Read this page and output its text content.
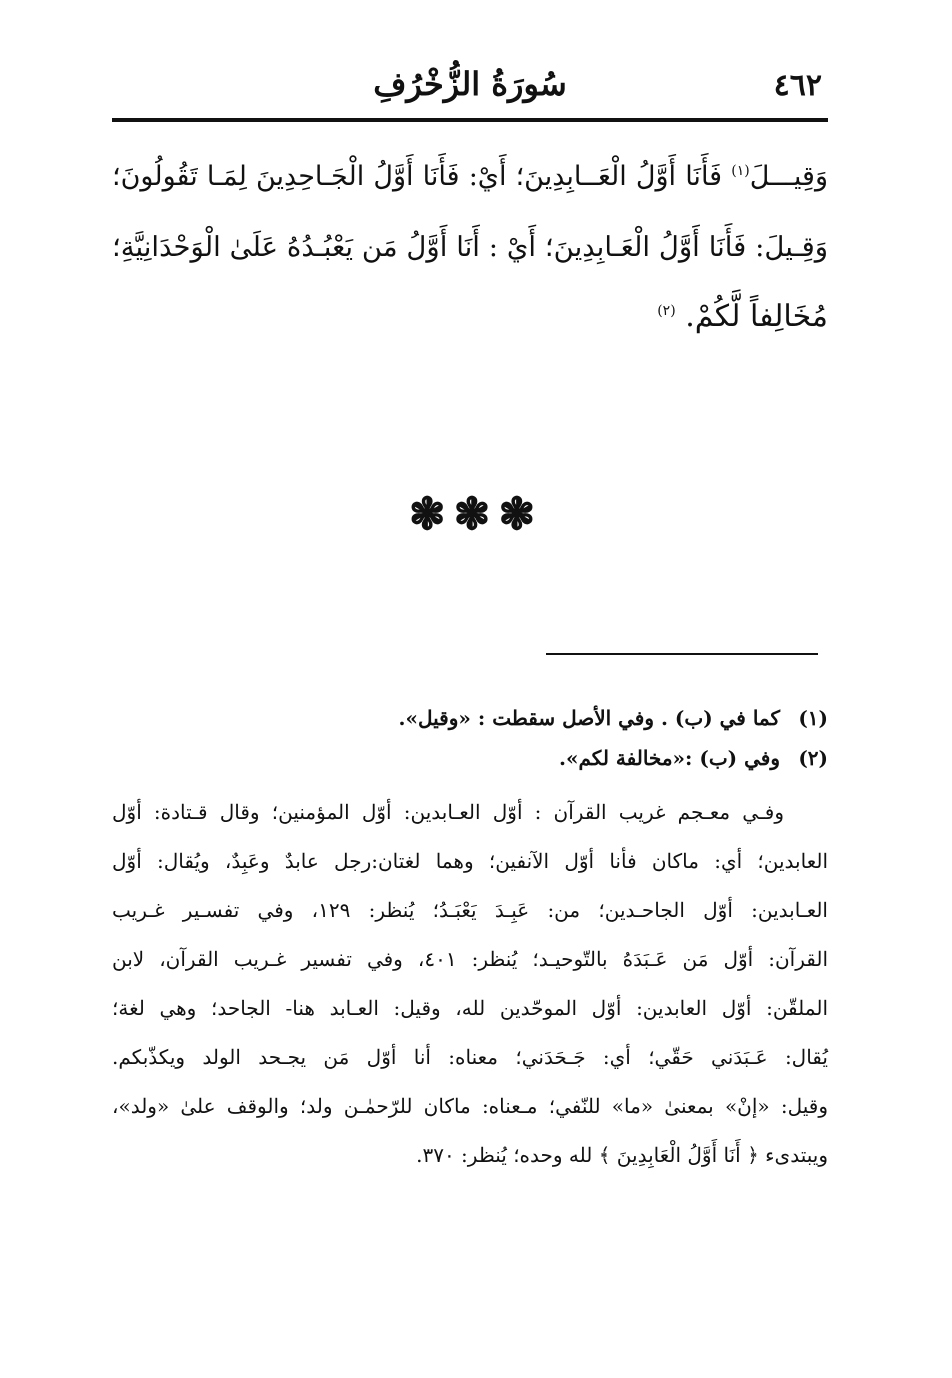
٤٦٢
سُورَةُ الزُّخْرُفِ
وَقِيـــلَ$^{(١)}$ فَأَنَا أَوَّلُ الْعَــابِدِينَ؛ أَيْ: فَأَنَا أَوَّلُ الْجَـاحِدِينَ لِمَـا تَقُولُونَ؛
وَقِـيلَ: فَأَنَا أَوَّلُ الْعَـابِدِينَ؛ أَيْ : أَنَا أَوَّلُ مَن يَعْبُـدُهُ عَلَىٰ الْوَحْدَانِيَّةِ؛
مُخَالِفاً لَّكُمْ. $^{(٢)}$
❃❃❃
(١)كما في (ب) . وفي الأصل سقطت : «وقيل».
(٢)وفي (ب) :«مخالفة لكم».
وفـي معـجم غريب القرآن : أوّل العـابدين: أوّل المؤمنين؛ وقال قـتادة: أوّل
العابدين؛ أي: ماكان فأنا أوّل الآنفين؛ وهما لغتان:رجل عابدٌ وعَبِدٌ، ويُقال: أوّل
العـابدين: أوّل الجاحـدين؛ من: عَبِـدَ يَعْبَـدُ؛ يُنظر: ١٢٩، وفي تفسـير غـريب
القرآن: أوّل مَن عَـبَدَهُ بالتّوحيـد؛ يُنظر: ٤٠١، وفي تفسير غـريب القرآن، لابن
الملقّن: أوّل العابدين: أوّل الموحّدين لله، وقيل: العـابد هنا- الجاحد؛ وهي لغة؛
يُقال: عَـبَدَني حَقّي؛ أي: جَـحَدَني؛ معناه: أنا أوّل مَن يجـحد الولد ويكذّبكم.
وقيل: «إنْ» بمعنىٰ «ما» للنّفي؛ مـعناه: ماكان للرّحمٰـن ولد؛ والوقف علىٰ «ولد»،
ويبتدىء ﴿ أَنَا أَوَّلُ الْعَابِدِينَ ﴾ لله وحده؛ يُنظر: ٣٧٠.
